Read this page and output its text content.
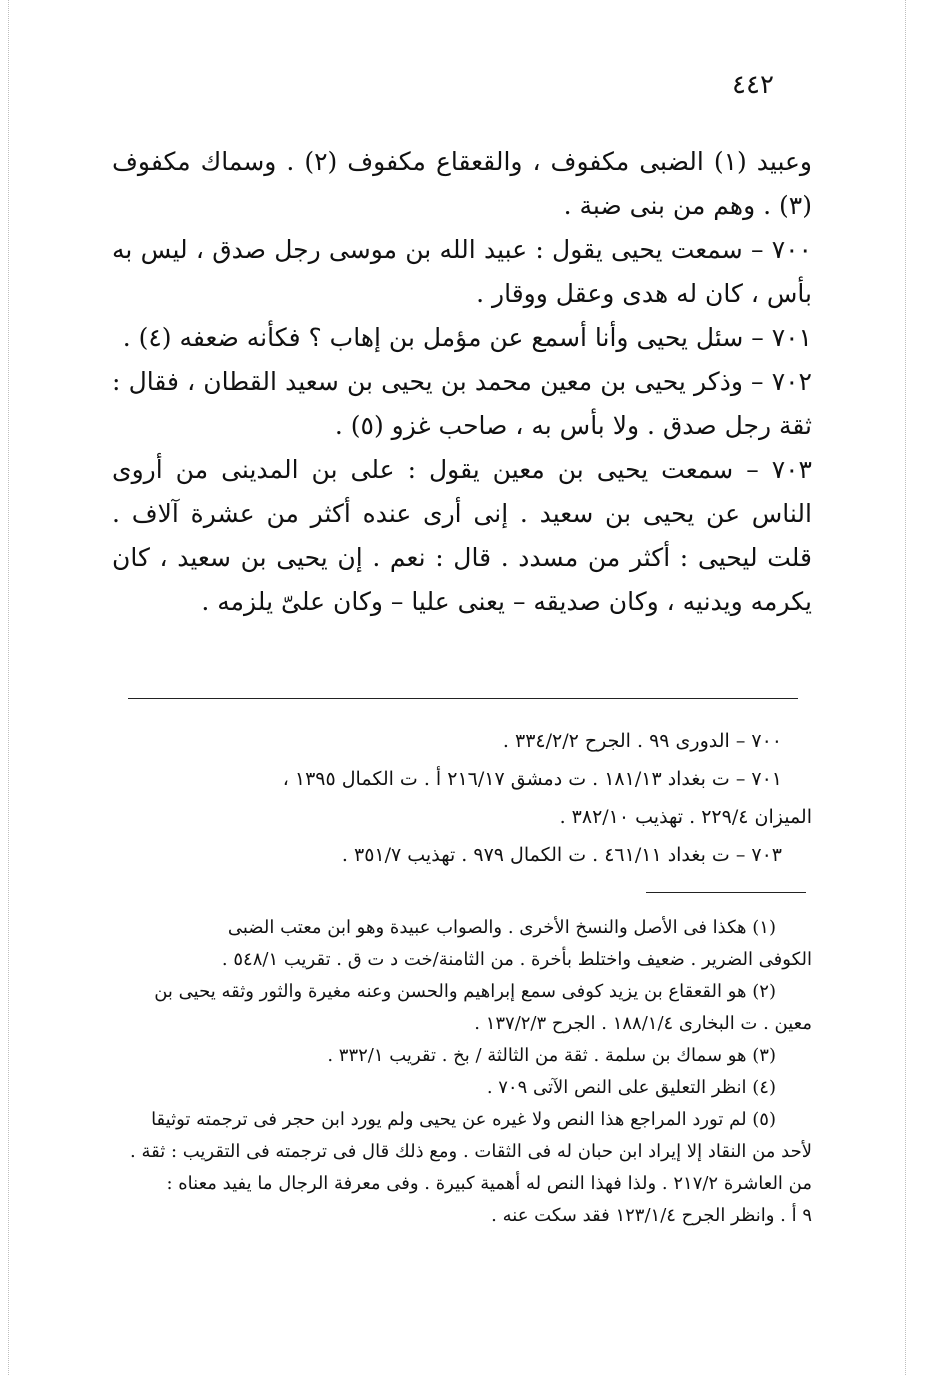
٤٤٢

وعبيد (١) الضبى مكفوف ، والقعقاع مكفوف (٢) . وسماك مكفوف (٣) . وهم من بنى ضبة .

٧٠٠ – سمعت يحيى يقول : عبيد الله بن موسى رجل صدق ، ليس به بأس ، كان له هدى وعقل ووقار .

٧٠١ – سئل يحيى وأنا أسمع عن مؤمل بن إهاب ؟ فكأنه ضعفه (٤) .

٧٠٢ – وذكر يحيى بن معين محمد بن يحيى بن سعيد القطان ، فقال : ثقة رجل صدق . ولا بأس به ، صاحب غزو (٥) .

٧٠٣ – سمعت يحيى بن معين يقول : على بن المدينى من أروى الناس عن يحيى بن سعيد . إنى أرى عنده أكثر من عشرة آلاف . قلت ليحيى : أكثر من مسدد . قال : نعم . إن يحيى بن سعيد ، كان يكرمه ويدنيه ، وكان صديقه – يعنى عليا – وكان علىّ يلزمه .

٧٠٠ – الدورى ٩٩ . الجرح ٣٣٤/٢/٢ .

٧٠١ – ت بغداد ١٨١/١٣ . ت دمشق ٢١٦/١٧ أ . ت الكمال ١٣٩٥ ،

الميزان ٢٢٩/٤ . تهذيب ٣٨٢/١٠ .

٧٠٣ – ت بغداد ٤٦١/١١ . ت الكمال ٩٧٩ . تهذيب ٣٥١/٧ .

(١) هكذا فى الأصل والنسخ الأخرى . والصواب عبيدة وهو ابن معتب الضبى

الكوفى الضرير . ضعيف واختلط بأخرة . من الثامنة/خت د ت ق . تقريب ٥٤٨/١ .

(٢) هو القعقاع بن يزيد كوفى سمع إبراهيم والحسن وعنه مغيرة والثور وثقه يحيى بن

معين . ت البخارى ١٨٨/١/٤ . الجرح ١٣٧/٢/٣ .

(٣) هو سماك بن سلمة . ثقة من الثالثة / بخ . تقريب ٣٣٢/١ .

(٤) انظر التعليق على النص الآتى ٧٠٩ .

(٥) لم تورد المراجع هذا النص ولا غيره عن يحيى ولم يورد ابن حجر فى ترجمته توثيقا

لأحد من النقاد إلا إيراد ابن حبان له فى الثقات . ومع ذلك قال فى ترجمته فى التقريب : ثقة .

من العاشرة ٢١٧/٢ . ولذا فهذا النص له أهمية كبيرة . وفى معرفة الرجال ما يفيد معناه :

٩ أ . وانظر الجرح ١٢٣/١/٤ فقد سكت عنه .
